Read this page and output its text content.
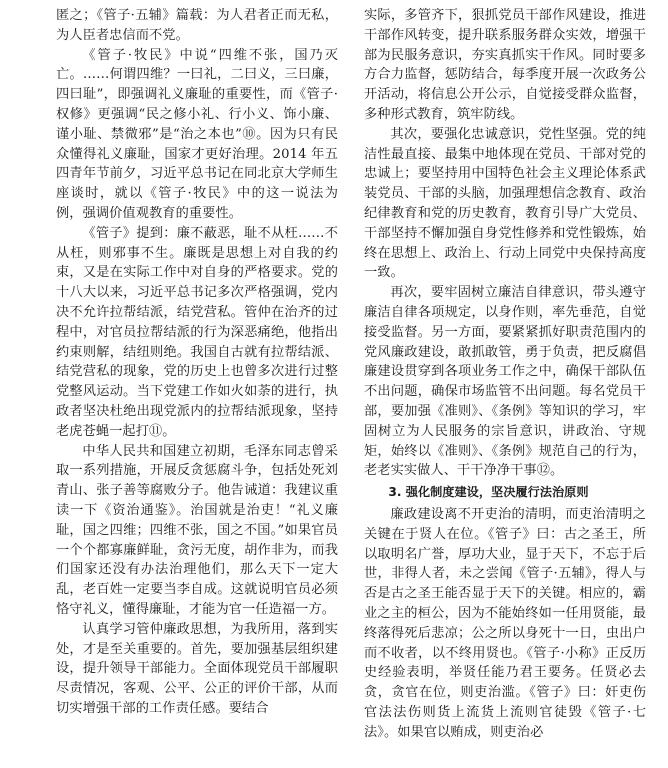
匿之；《管子·五辅》篇载：为人君者正而无私，为人臣者忠信而不党。

《管子·牧民》中说“四维不张，国乃灭亡。……何谓四维？一曰礼，二曰义，三曰廉，四曰耻”，即强调礼义廉耻的重要性，而《管子·权修》更强调“民之修小礼、行小义、饰小廉、谨小耻、禁微邪”是“治之本也”⑩。因为只有民众懂得礼义廉耻，国家才更好治理。2014 年五四青年节前夕，习近平总书记在同北京大学师生座谈时，就以《管子·牧民》中的这一说法为例，强调价值观教育的重要性。

《管子》提到：廉不蔽恶，耻不从枉……不从枉，则邪事不生。廉既是思想上对自我的约束，又是在实际工作中对自身的严格要求。党的十八大以来，习近平总书记多次严格强调，党内决不允许拉帮结派，结党营私。管仲在治齐的过程中，对官员拉帮结派的行为深恶痛绝，他指出约束则解，结纽则绝。我国自古就有拉帮结派、结党营私的现象，党的历史上也曾多次进行过整党整风运动。当下党建工作如火如荼的进行，执政者坚决杜绝出现党派内的拉帮结派现象，坚持老虎苍蝇一起打⑪。

中华人民共和国建立初期，毛泽东同志曾采取一系列措施，开展反贪惩腐斗争，包括处死刘青山、张子善等腐败分子。他告诫道：我建议重读一下《资治通鉴》。治国就是治吏！“礼义廉耻，国之四维；四维不张，国之不国。”如果官员一个个都寡廉鲜耻，贪污无度，胡作非为，而我们国家还没有办法治理他们，那么天下一定大乱，老百姓一定要当李自成。这就说明官员必须恪守礼义，懂得廉耻，才能为官一任造福一方。

认真学习管仲廉政思想，为我所用，落到实处，才是至关重要的。首先，要加强基层组织建设，提升领导干部能力。全面体现党员干部履职尽责情况，客观、公平、公正的评价干部，从而切实增强干部的工作责任感。要结合

实际，多管齐下，狠抓党员干部作风建设，推进干部作风转变，提升联系服务群众实效，增强干部为民服务意识，夯实真抓实干作风。同时要多方合力监督，惩防结合，每季度开展一次政务公开活动，将信息公开公示，自觉接受群众监督，多种形式教育，筑牢防线。

其次，要强化忠诚意识，党性坚强。党的纯洁性最直接、最集中地体现在党员、干部对党的忠诚上；要坚持用中国特色社会主义理论体系武装党员、干部的头脑，加强理想信念教育、政治纪律教育和党的历史教育，教育引导广大党员、干部坚持不懈加强自身党性修养和党性锻炼，始终在思想上、政治上、行动上同党中央保持高度一致。

再次，要牢固树立廉洁自律意识，带头遵守廉洁自律各项规定，以身作则，率先垂范，自觉接受监督。另一方面，要紧紧抓好职责范围内的党风廉政建设，敢抓敢管，勇于负责，把反腐倡廉建设贯穿到各项业务工作之中，确保干部队伍不出问题，确保市场监管不出问题。每名党员干部，要加强《准则》、《条例》等知识的学习，牢固树立为人民服务的宗旨意识，讲政治、守规矩，始终以《准则》、《条例》规范自己的行为，老老实实做人、干干净净干事⑫。

3. 强化制度建设，坚决履行法治原则

廉政建设离不开吏治的清明，而吏治清明之关键在于贤人在位。《管子》曰：古之圣王，所以取明名广誉，厚功大业，显于天下，不忘于后世，非得人者，未之尝闻《管子·五辅》，得人与否是古之圣王能否显于天下的关键。相应的，霸业之主的桓公，因为不能始终如一任用贤能，最终落得死后悲凉；公之所以身死十一日，虫出户而不收者，以不终用贤也。《管子·小称》正反历史经验表明，举贤任能乃君王要务。任贤必去贪，贪官在位，则吏治滥。《管子》曰：奸吏伤官法法伤则货上流货上流则官徒毁《管子·七法》。如果官以贿成，则吏治必
